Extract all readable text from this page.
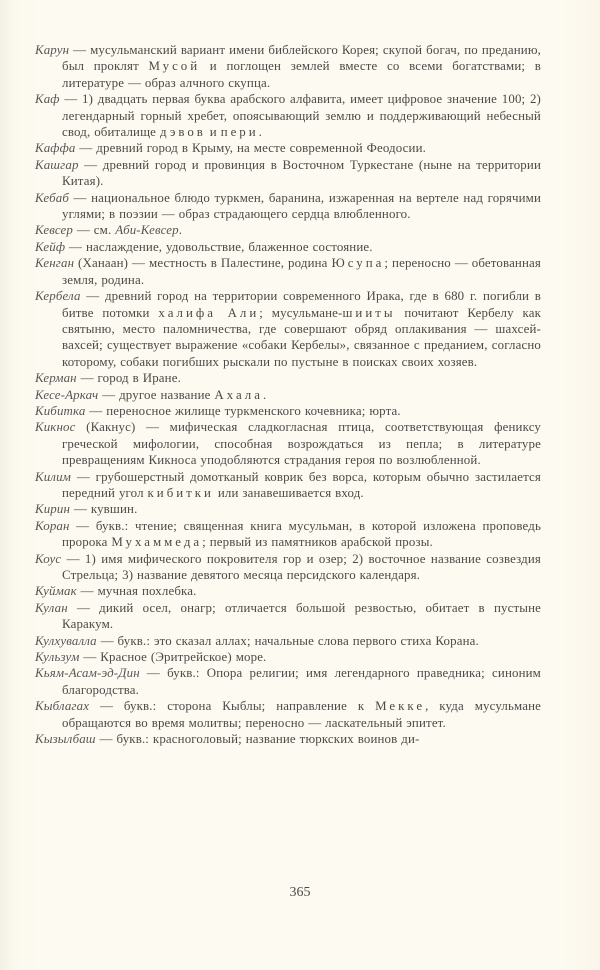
Карун — мусульманский вариант имени библейского Корея; скупой богач, по преданию, был проклят Мусой и поглощен землей вместе со всеми богатствами; в литературе — образ алчного скупца.

Каф — 1) двадцать первая буква арабского алфавита, имеет цифровое значение 100; 2) легендарный горный хребет, опоясывающий землю и поддерживающий небесный свод, обиталище дэвов и пери.

Каффа — древний город в Крыму, на месте современной Феодосии.

Кашгар — древний город и провинция в Восточном Туркестане (ныне на территории Китая).

Кебаб — национальное блюдо туркмен, баранина, изжаренная на вертеле над горячими углями; в поэзии — образ страдающего сердца влюбленного.

Кевсер — см. Аби-Кевсер.

Кейф — наслаждение, удовольствие, блаженное состояние.

Кенган (Ханаан) — местность в Палестине, родина Юсупа; переносно — обетованная земля, родина.

Кербела — древний город на территории современного Ирака, где в 680 г. погибли в битве потомки халифа Али; мусульмане-шииты почитают Кербелу как святыню, место паломничества, где совершают обряд оплакивания — шахсей-вахсей; существует выражение «собаки Кербелы», связанное с преданием, согласно которому, собаки погибших рыскали по пустыне в поисках своих хозяев.

Керман — город в Иране.

Кесе-Аркач — другое название Ахала.

Кибитка — переносное жилище туркменского кочевника; юрта.

Кикнос (Какнус) — мифическая сладкогласная птица, соответствующая фениксу греческой мифологии, способная возрождаться из пепла; в литературе превращениям Кикноса уподобляются страдания героя по возлюбленной.

Килим — грубошерстный домотканый коврик без ворса, которым обычно застилается передний угол кибитки или занавешивается вход.

Кирин — кувшин.

Коран — букв.: чтение; священная книга мусульман, в которой изложена проповедь пророка Мухаммеда; первый из памятников арабской прозы.

Коус — 1) имя мифического покровителя гор и озер; 2) восточное название созвездия Стрельца; 3) название девятого месяца персидского календаря.

Куймак — мучная похлебка.

Кулан — дикий осел, онагр; отличается большой резвостью, обитает в пустыне Каракум.

Кулхувалла — букв.: это сказал аллах; начальные слова первого стиха Корана.

Кульзум — Красное (Эритрейское) море.

Кьям-Асам-эд-Дин — букв.: Опора религии; имя легендарного праведника; синоним благородства.

Кыблагах — букв.: сторона Кыблы; направление к Мекке, куда мусульмане обращаются во время молитвы; переносно — ласкательный эпитет.

Кызылбаш — букв.: красноголовый; название тюркских воинов ди-

365
